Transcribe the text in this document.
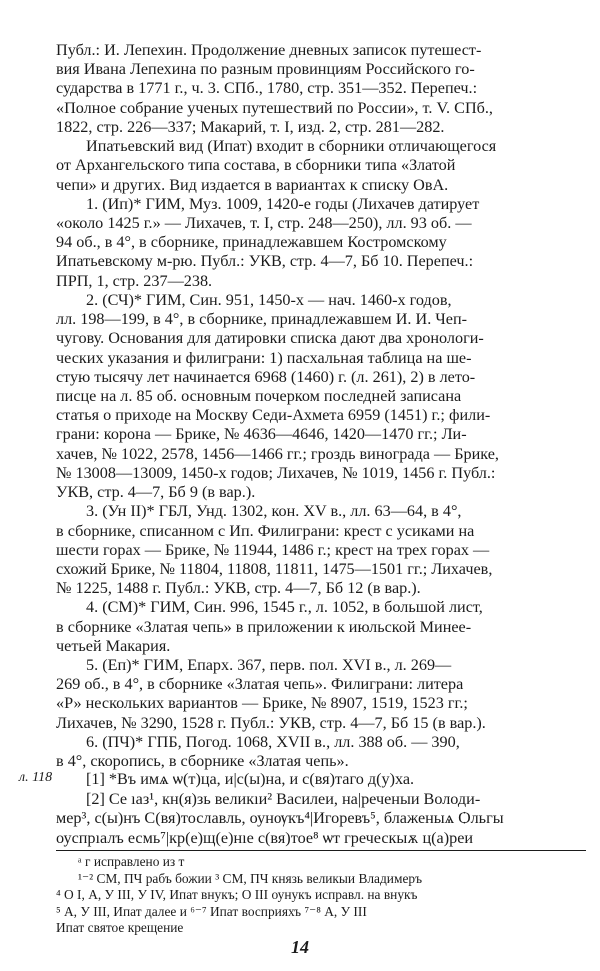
Публ.: И. Лепехин. Продолжение дневных записок путешест-
вия Ивана Лепехина по разным провинциям Российского го-
сударства в 1771 г., ч. 3. СПб., 1780, стр. 351—352. Перепеч.:
«Полное собрание ученых путешествий по России», т. V. СПб.,
1822, стр. 226—337; Макарий, т. I, изд. 2, стр. 281—282.
Ипатьевский вид (Ипат) входит в сборники отличающегося
от Архангельского типа состава, в сборники типа «Златой
чепи» и других. Вид издается в вариантах к списку ОвА.
1. (Ип)* ГИМ, Муз. 1009, 1420-е годы (Лихачев датирует
«около 1425 г.» — Лихачев, т. I, стр. 248—250), лл. 93 об. —
94 об., в 4°, в сборнике, принадлежавшем Костромскому
Ипатьевскому м-рю. Публ.: УКВ, стр. 4—7, Бб 10. Перепеч.:
ПРП, 1, стр. 237—238.
2. (СЧ)* ГИМ, Син. 951, 1450-х — нач. 1460-х годов,
лл. 198—199, в 4°, в сборнике, принадлежавшем И. И. Чеп-
чугову. Основания для датировки списка дают два хронологи-
ческих указания и филиграни: 1) пасхальная таблица на ше-
стую тысячу лет начинается 6968 (1460) г. (л. 261), 2) в лето-
писце на л. 85 об. основным почерком последней записана
статья о приходе на Москву Седи-Ахмета 6959 (1451) г.; фили-
грани: корона — Брике, № 4636—4646, 1420—1470 гг.; Ли-
хачев, № 1022, 2578, 1456—1466 гг.; гроздь винограда — Брике,
№ 13008—13009, 1450-х годов; Лихачев, № 1019, 1456 г. Публ.:
УКВ, стр. 4—7, Бб 9 (в вар.).
3. (Ун II)* ГБЛ, Унд. 1302, кон. XV в., лл. 63—64, в 4°,
в сборнике, списанном с Ип. Филиграни: крест с усиками на
шести горах — Брике, № 11944, 1486 г.; крест на трех горах —
схожий Брике, № 11804, 11808, 11811, 1475—1501 гг.; Лихачев,
№ 1225, 1488 г. Публ.: УКВ, стр. 4—7, Бб 12 (в вар.).
4. (СМ)* ГИМ, Син. 996, 1545 г., л. 1052, в большой лист,
в сборнике «Златая чепь» в приложении к июльской Минее-
четьей Макария.
5. (Еп)* ГИМ, Епарх. 367, перв. пол. XVI в., л. 269—
269 об., в 4°, в сборнике «Златая чепь». Филиграни: литера
«Р» нескольких вариантов — Брике, № 8907, 1519, 1523 гг.;
Лихачев, № 3290, 1528 г. Публ.: УКВ, стр. 4—7, Бб 15 (в вар.).
6. (ПЧ)* ГПБ, Погод. 1068, XVII в., лл. 388 об. — 390,
в 4°, скоропись, в сборнике «Златая чепь».
л. 118 [1] *Въ имѧ ѡ(т)ца, и|с(ы)на, и с(вя)таго д(у)ха.
[2] Се ıаз¹, кн(я)зь великıи² Василеи, на|реченыи Володи-
мер³, с(ы)нъ С(вя)тославль, оунѹкъ⁴|Игоревъ⁵, блаженыѧ Ѻльгы
оуспрıалъ есмь⁷|кр(е)щ(е)нıе с(вя)тое⁸ ѡт греческыѫ ц(а)реи
ᵃ г исправлено из т
¹⁻² СМ, ПЧ рабъ божии ³ СМ, ПЧ князь великыи Владимеръ
⁴ О I, А, У III, У IV, Ипат внукъ; О III оунукъ исправл. на внукъ
⁵ А, У III, Ипат далее и ⁶⁻⁷ Ипат восприяхъ ⁷⁻⁸ А, У III
Ипат святое крещение
14
